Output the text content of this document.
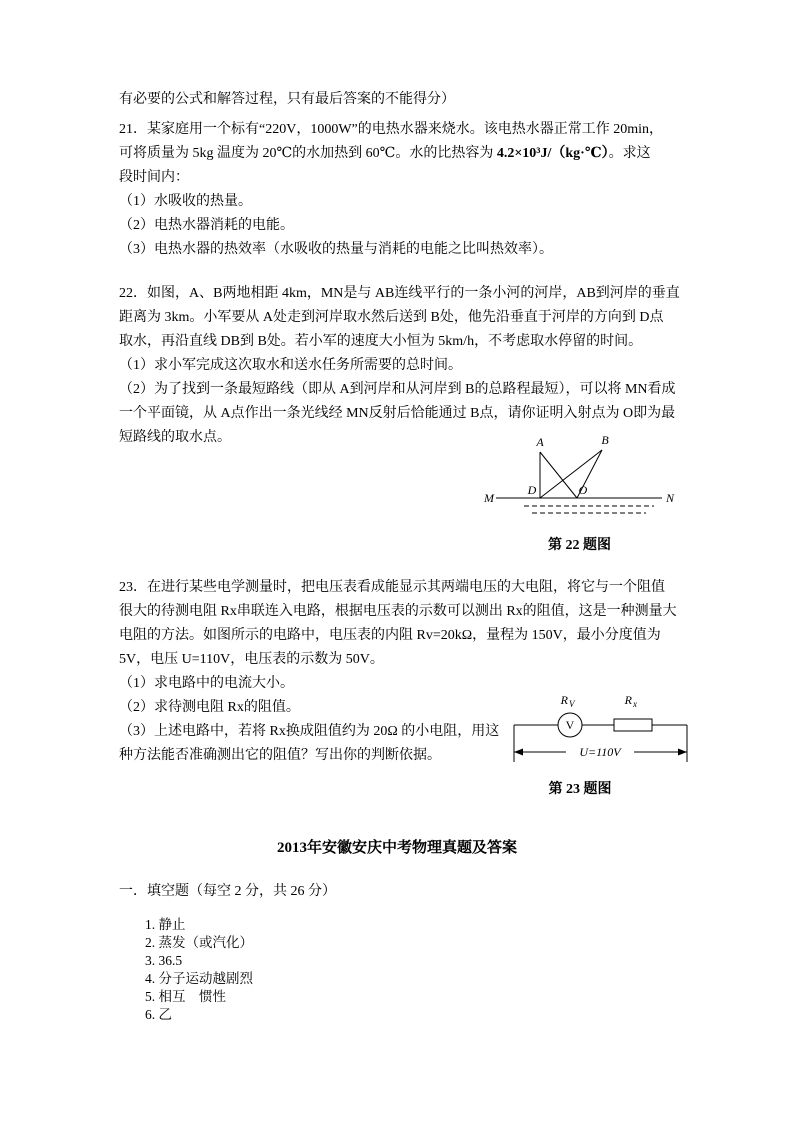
有必要的公式和解答过程，只有最后答案的不能得分）
21．某家庭用一个标有“220V，1000W”的电热水器来烧水。该电热水器正常工作 20min，
可将质量为 5kg 温度为 20℃的水加热到 60℃。水的比热容为 4.2×10³J/（kg·℃）。求这
段时间内：
（1）水吸收的热量。
（2）电热水器消耗的电能。
（3）电热水器的热效率（水吸收的热量与消耗的电能之比叫热效率）。
22．如图，A、B两地相距 4km，MN是与 AB连线平行的一条小河的河岸，AB到河岸的垂直
距离为 3km。小军要从 A处走到河岸取水然后送到 B处，他先沿垂直于河岸的方向到 D点
取水，再沿直线 DB到 B处。若小军的速度大小恒为 5km/h，不考虑取水停留的时间。
（1）求小军完成这次取水和送水任务所需要的总时间。
（2）为了找到一条最短路线（即从 A到河岸和从河岸到 B的总路程最短），可以将 MN看成
一个平面镜，从 A点作出一条光线经 MN反射后恰能通过 B点，请你证明入射点为 O即为最
短路线的取水点。	A	B
M	N
D	O
第 22 题图
23．在进行某些电学测量时，把电压表看成能显示其两端电压的大电阻，将它与一个阻值
很大的待测电阻 Rx串联连入电路，根据电压表的示数可以测出 Rx的阻值，这是一种测量大
电阻的方法。如图所示的电路中，电压表的内阻 Rv=20kΩ，量程为 150V，最小分度值为
5V，电压 U=110V，电压表的示数为 50V。
（1）求电路中的电流大小。
（2）求待测电阻 Rx的阻值。
（3）上述电路中，若将 Rx换成阻值约为 20Ω 的小电阻，用这
种方法能否准确测出它的阻值？写出你的判断依据。
R V	R x
V
U=110V
第 23 题图
2013年安徽安庆中考物理真题及答案
一．填空题（每空 2 分，共 26 分）
1. 静止
2. 蒸发（或汽化）
3. 36.5
4. 分子运动越剧烈
5. 相互    惯性
6. 乙
